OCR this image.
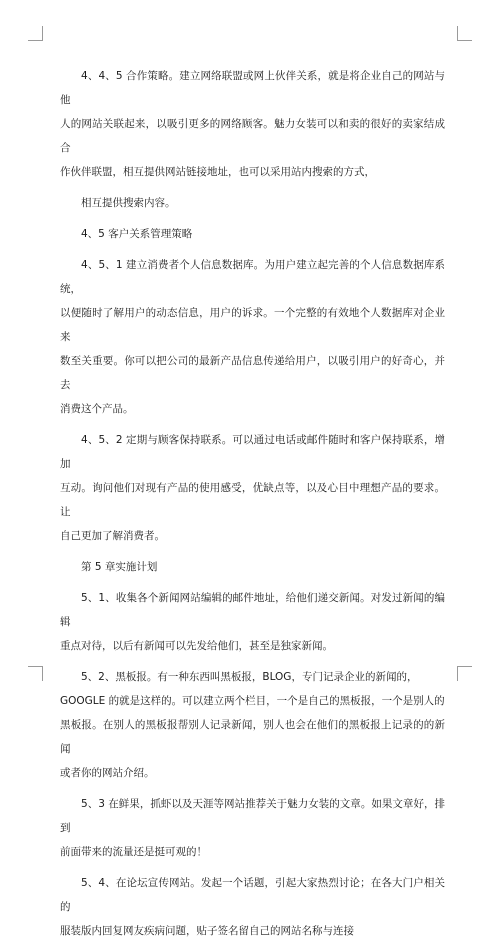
4、4、5 合作策略。建立网络联盟或网上伙伴关系，就是将企业自己的网站与他
人的网站关联起来，以吸引更多的网络顾客。魅力女装可以和卖的很好的卖家结成合
作伙伴联盟，相互提供网站链接地址，也可以采用站内搜索的方式，
相互提供搜索内容。
4、5 客户关系管理策略
4、5、1 建立消费者个人信息数据库。为用户建立起完善的个人信息数据库系统，
以便随时了解用户的动态信息，用户的诉求。一个完整的有效地个人数据库对企业来
数至关重要。你可以把公司的最新产品信息传递给用户，以吸引用户的好奇心，并去
消费这个产品。
4、5、2 定期与顾客保持联系。可以通过电话或邮件随时和客户保持联系，增加
互动。询问他们对现有产品的使用感受，优缺点等，以及心目中理想产品的要求。让
自己更加了解消费者。
第 5 章实施计划
5、1、收集各个新闻网站编辑的邮件地址，给他们递交新闻。对发过新闻的编辑
重点对待，以后有新闻可以先发给他们，甚至是独家新闻。
5、2、黑板报。有一种东西叫黑板报，BLOG，专门记录企业的新闻的，
GOOGLE 的就是这样的。可以建立两个栏目，一个是自己的黑板报，一个是别人的
黑板报。在别人的黑板报帮别人记录新闻，别人也会在他们的黑板报上记录的的新闻
或者你的网站介绍。
5、3 在鲜果，抓虾以及天涯等网站推荐关于魅力女装的文章。如果文章好，排到
前面带来的流量还是挺可观的！
5、4、在论坛宣传网站。发起一个话题，引起大家热烈讨论；在各大门户相关的
服装版内回复网友疾病问题，贴子签名留自己的网站名称与连接
